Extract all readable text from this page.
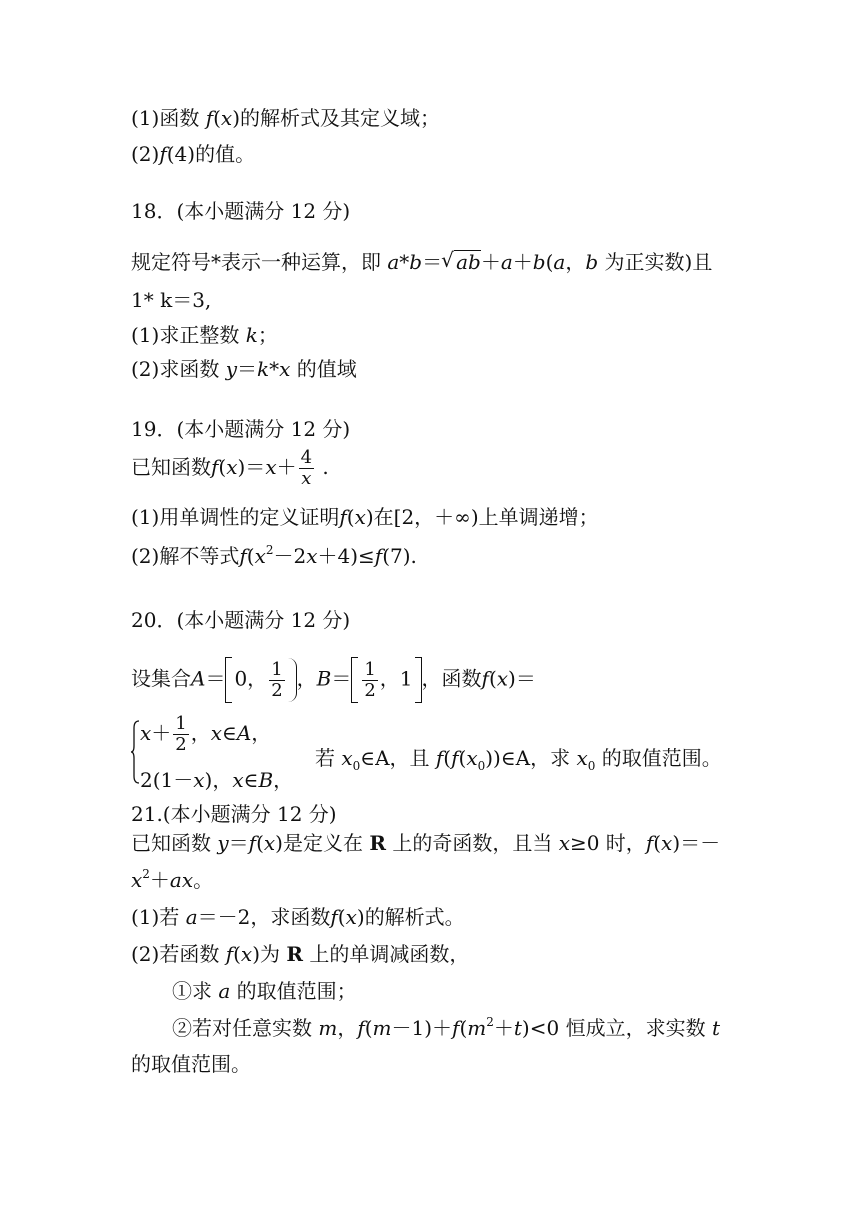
(1)函数 f(x)的解析式及其定义域；
(2)f(4)的值。
18．(本小题满分 12 分)
规定符号*表示一种运算，即 a*b＝√ ab＋a＋b(a，b 为正实数)且
1* k＝3,
(1)求正整数 k；
(2)求函数 y＝k*x 的值域
19．(本小题满分 12 分)
已知函数$f(x)=x+ \frac{4}{x}$ .
(1)用单调性的定义证明f(x)在[2，＋∞)上单调递增；
(2)解不等式$f(x^2-2x+4)\le f(7)$.
20．(本小题满分 12 分)
设集合A＝ 0， $\frac{1}{2}$ ，$B= \frac{1}{2}$ ，1 ，函数f(x)＝
$x+ \frac{1}{2}$ ，x∈A，
2(1－x)，x∈B，
若 $x_0\in A$，且 $f(f(x_0))\in A$，求 $x_0$ 的取值范围。
21.(本小题满分 12 分)
已知函数 y＝f(x)是定义在 R 上的奇函数，且当 x≥0 时，f(x)＝－
$x^2+ax$。
(1)若 a＝－2，求函数f(x)的解析式。
(2)若函数 f(x)为 R 上的单调减函数，
①求 a 的取值范围；
②若对任意实数 m，$f(m-1)+f(m^2+t)<0$ 恒成立，求实数 t
的取值范围。
